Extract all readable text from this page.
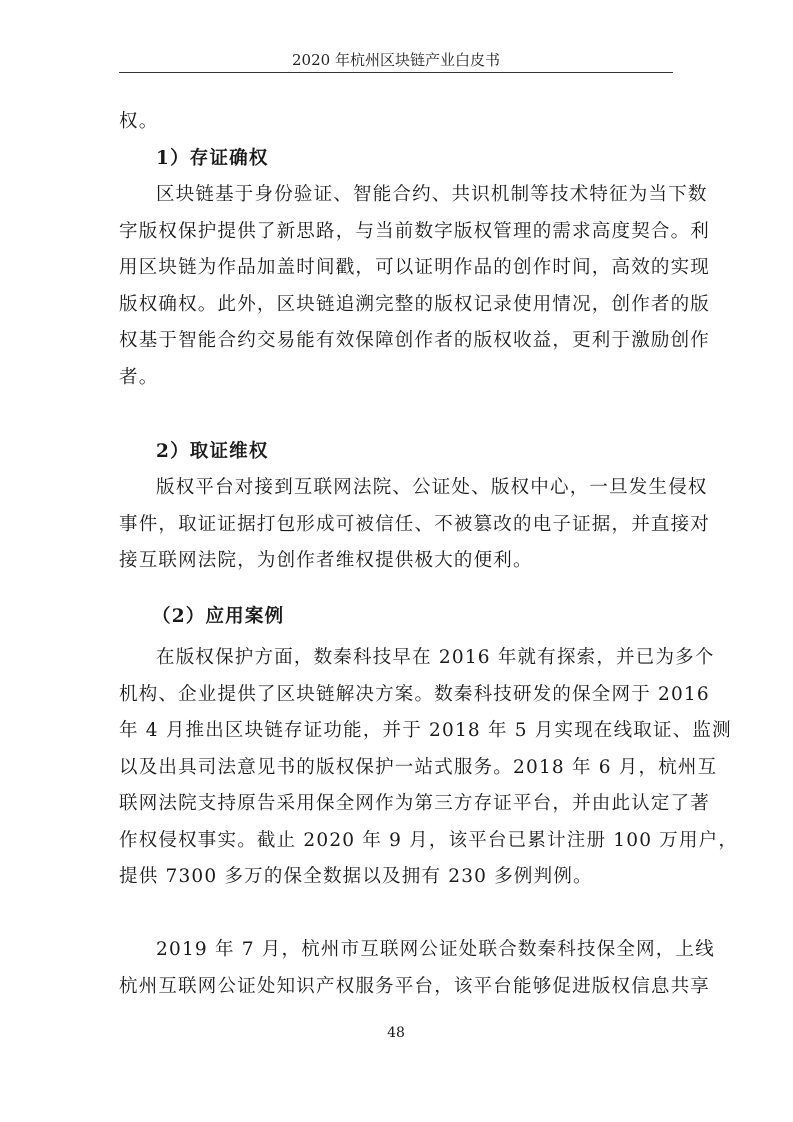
2020 年杭州区块链产业白皮书
权。
1）存证确权
区块链基于身份验证、智能合约、共识机制等技术特征为当下数
字版权保护提供了新思路，与当前数字版权管理的需求高度契合。利
用区块链为作品加盖时间戳，可以证明作品的创作时间，高效的实现
版权确权。此外，区块链追溯完整的版权记录使用情况，创作者的版
权基于智能合约交易能有效保障创作者的版权收益，更利于激励创作
者。
2）取证维权
版权平台对接到互联网法院、公证处、版权中心，一旦发生侵权
事件，取证证据打包形成可被信任、不被篡改的电子证据，并直接对
接互联网法院，为创作者维权提供极大的便利。
（2）应用案例
在版权保护方面，数秦科技早在 2016 年就有探索，并已为多个
机构、企业提供了区块链解决方案。数秦科技研发的保全网于 2016
年 4 月推出区块链存证功能，并于 2018 年 5 月实现在线取证、监测
以及出具司法意见书的版权保护一站式服务。2018 年 6 月，杭州互
联网法院支持原告采用保全网作为第三方存证平台，并由此认定了著
作权侵权事实。截止 2020 年 9 月，该平台已累计注册 100 万用户，
提供 7300 多万的保全数据以及拥有 230 多例判例。
2019 年 7 月，杭州市互联网公证处联合数秦科技保全网，上线
杭州互联网公证处知识产权服务平台，该平台能够促进版权信息共享
48
